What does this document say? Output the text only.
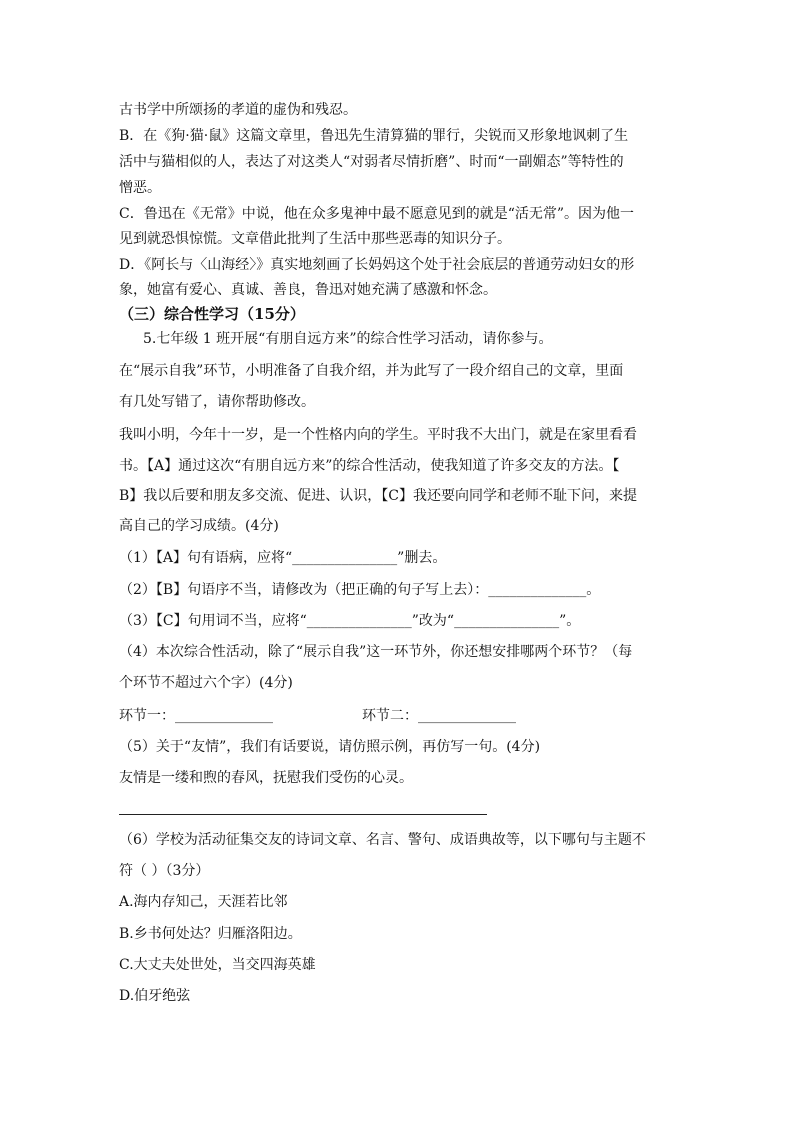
古书学中所颂扬的孝道的虚伪和残忍。
B．在《狗·猫·鼠》这篇文章里，鲁迅先生清算猫的罪行，尖锐而又形象地讽刺了生
活中与猫相似的人，表达了对这类人“对弱者尽情折磨”、时而“一副媚态”等特性的
憎恶。
C．鲁迅在《无常》中说，他在众多鬼神中最不愿意见到的就是“活无常”。因为他一
见到就恐惧惊慌。文章借此批判了生活中那些恶毒的知识分子。
D．《阿长与〈山海经〉》真实地刻画了长妈妈这个处于社会底层的普通劳动妇女的形
象，她富有爱心、真诚、善良，鲁迅对她充满了感激和怀念。
（三）综合性学习（15分）
5.七年级 1 班开展“有朋自远方来”的综合性学习活动，请你参与。
在“展示自我”环节，小明准备了自我介绍，并为此写了一段介绍自己的文章，里面
有几处写错了，请你帮助修改。
我叫小明，今年十一岁，是一个性格内向的学生。平时我不大出门，就是在家里看看
书。【A】通过这次“有朋自远方来”的综合性活动，使我知道了许多交友的方法。【
B】我以后要和朋友多交流、促进、认识，【C】我还要向同学和老师不耻下问，来提
高自己的学习成绩。(4分)
（1）【A】句有语病，应将“_______________”删去。
（2）【B】句语序不当，请修改为（把正确的句子写上去）：______________。
（3）【C】句用词不当，应将“_______________”改为“_______________”。
（4）本次综合性活动，除了“展示自我”这一环节外，你还想安排哪两个环节？（每
个环节不超过六个字）(4分)
环节一：______________	环节二：______________
（5）关于“友情”，我们有话要说，请仿照示例，再仿写一句。(4分)
友情是一缕和煦的春风，抚慰我们受伤的心灵。
（6）学校为活动征集交友的诗词文章、名言、警句、成语典故等，以下哪句与主题不
符（ ）（3分）
A.海内存知己，天涯若比邻
B.乡书何处达？归雁洛阳边。
C.大丈夫处世处，当交四海英雄
D.伯牙绝弦
